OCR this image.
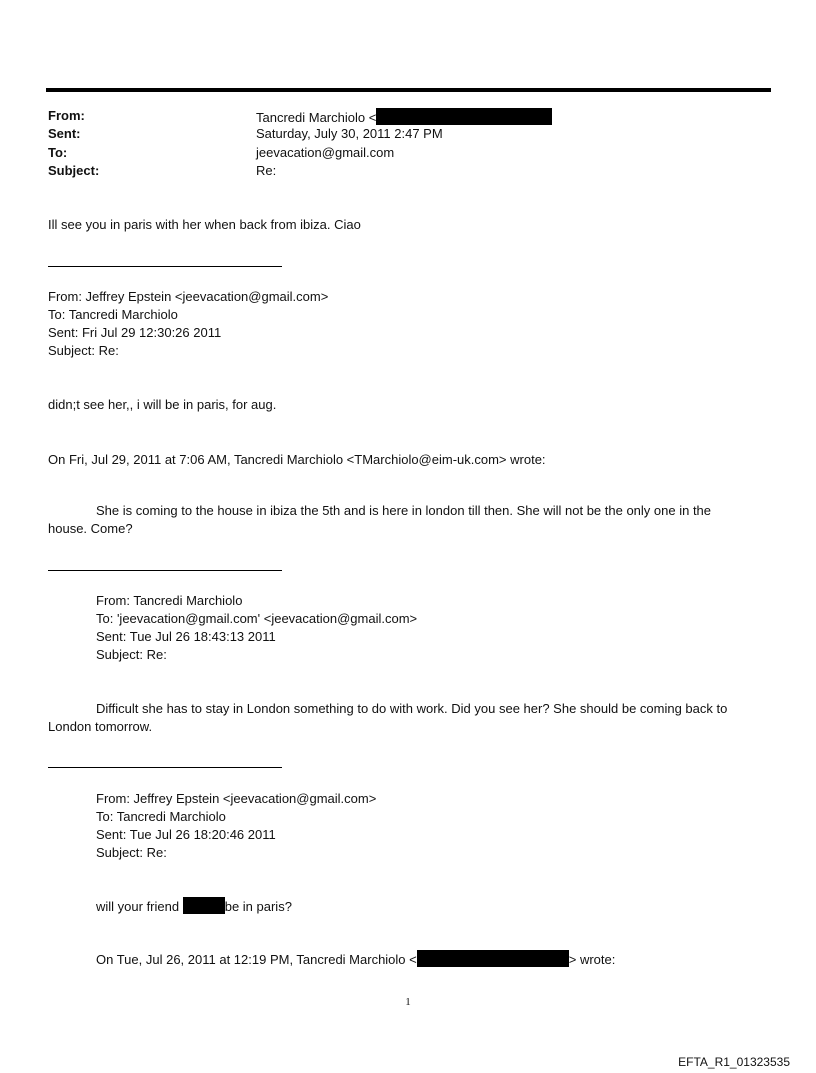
From:	Tancredi Marchiolo <
Sent:	Saturday, July 30, 2011 2:47 PM
To:	jeevacation@gmail.com
Subject:	Re:
Ill see you in paris with her when back from ibiza. Ciao
From: Jeffrey Epstein <jeevacation@gmail.com>
To: Tancredi Marchiolo
Sent: Fri Jul 29 12:30:26 2011
Subject: Re:
didn;t see her,, i will be in paris, for aug.
On Fri, Jul 29, 2011 at 7:06 AM, Tancredi Marchiolo <TMarchiolo@eim-uk.com> wrote:
She is coming to the house in ibiza the 5th and is here in london till then. She will not be the only one in the
house. Come?
From: Tancredi Marchiolo
To: 'jeevacation@gmail.com' <jeevacation@gmail.com>
Sent: Tue Jul 26 18:43:13 2011
Subject: Re:
Difficult she has to stay in London something to do with work. Did you see her? She should be coming back to
London tomorrow.
From: Jeffrey Epstein <jeevacation@gmail.com>
To: Tancredi Marchiolo
Sent: Tue Jul 26 18:20:46 2011
Subject: Re:
will your friend	be in paris?
On Tue, Jul 26, 2011 at 12:19 PM, Tancredi Marchiolo <	> wrote:
1
EFTA_R1_01323535
